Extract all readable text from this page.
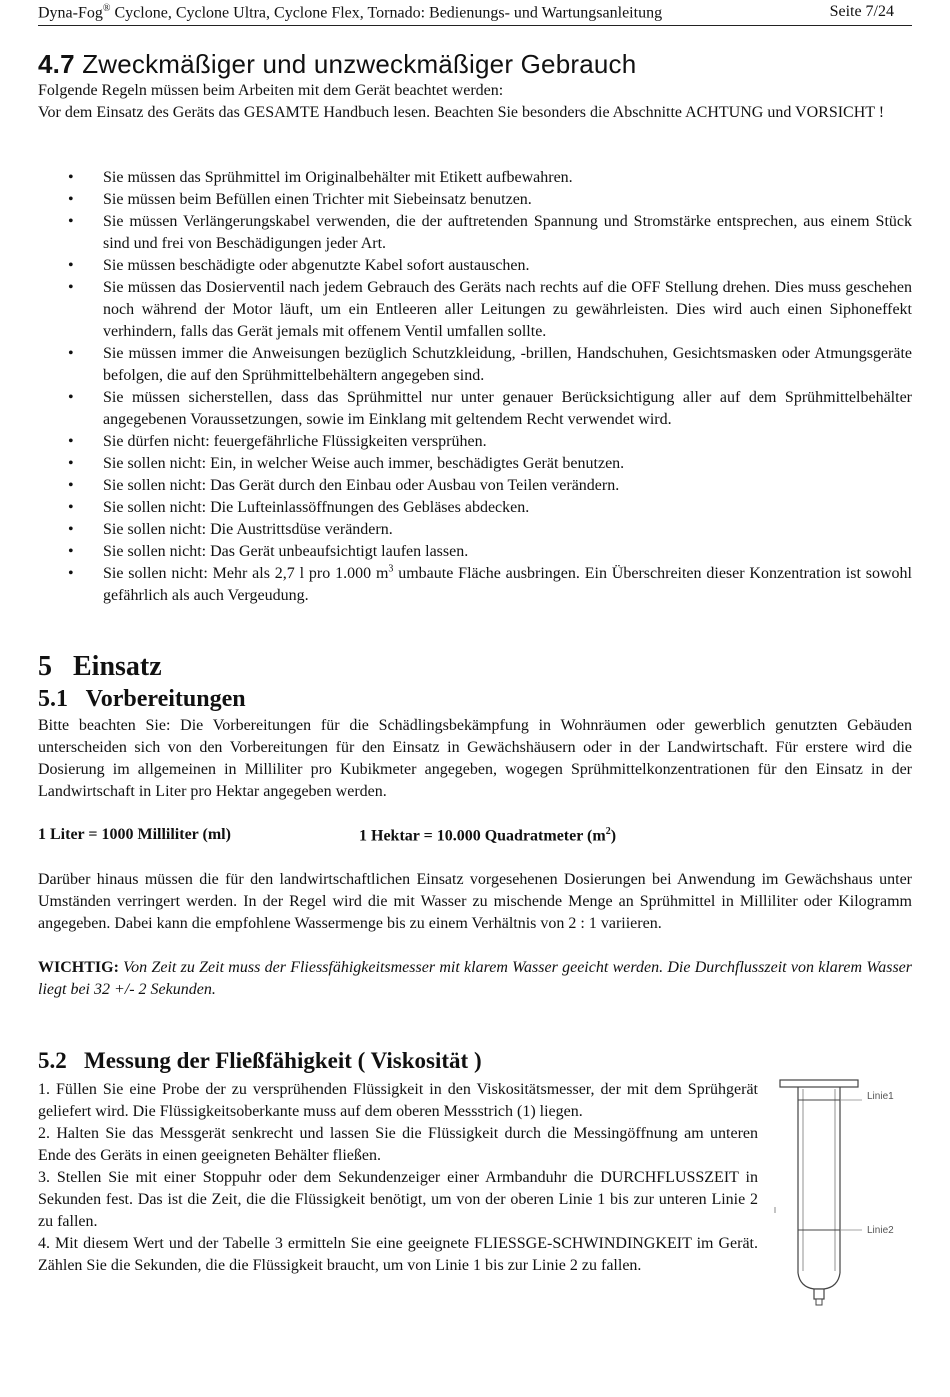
Dyna-Fog® Cyclone, Cyclone Ultra, Cyclone Flex, Tornado: Bedienungs- und Wartungsanleitung	Seite 7/24
4.7 Zweckmäßiger und unzweckmäßiger Gebrauch

Folgende Regeln müssen beim Arbeiten mit dem Gerät beachtet werden:

Vor dem Einsatz des Geräts das GESAMTE Handbuch lesen. Beachten Sie besonders die Abschnitte ACHTUNG und VORSICHT !

• Sie müssen das Sprühmittel im Originalbehälter mit Etikett aufbewahren.
• Sie müssen beim Befüllen einen Trichter mit Siebeinsatz benutzen.
• Sie müssen Verlängerungskabel verwenden, die der auftretenden Spannung und Stromstärke entsprechen, aus einem Stück sind und frei von Beschädigungen jeder Art.
• Sie müssen beschädigte oder abgenutzte Kabel sofort austauschen.
• Sie müssen das Dosierventil nach jedem Gebrauch des Geräts nach rechts auf die OFF Stellung drehen. Dies muss geschehen noch während der Motor läuft, um ein Entleeren aller Leitungen zu gewährleisten. Dies wird auch einen Siphoneffekt verhindern, falls das Gerät jemals mit offenem Ventil umfallen sollte.
• Sie müssen immer die Anweisungen bezüglich Schutzkleidung, -brillen, Handschuhen, Gesichtsmasken oder Atmungsgeräte befolgen, die auf den Sprühmittelbehältern angegeben sind.
• Sie müssen sicherstellen, dass das Sprühmittel nur unter genauer Berücksichtigung aller auf dem Sprühmittelbehälter angegebenen Voraussetzungen, sowie im Einklang mit geltendem Recht verwendet wird.
• Sie dürfen nicht: feuergefährliche Flüssigkeiten versprühen.
• Sie sollen nicht: Ein, in welcher Weise auch immer, beschädigtes Gerät benutzen.
• Sie sollen nicht: Das Gerät durch den Einbau oder Ausbau von Teilen verändern.
• Sie sollen nicht: Die Lufteinlassöffnungen des Gebläses abdecken.
• Sie sollen nicht: Die Austrittsdüse verändern.
• Sie sollen nicht: Das Gerät unbeaufsichtigt laufen lassen.
• Sie sollen nicht: Mehr als 2,7 l pro 1.000 $m^3$ umbaute Fläche ausbringen. Ein Überschreiten dieser Konzentration ist sowohl gefährlich als auch Vergeudung.
5   Einsatz
5.1   Vorbereitungen

Bitte beachten Sie: Die Vorbereitungen für die Schädlingsbekämpfung in Wohnräumen oder gewerblich genutzten Gebäuden unterscheiden sich von den Vorbereitungen für den Einsatz in Gewächshäusern oder in der Landwirtschaft. Für erstere wird die Dosierung im allgemeinen in Milliliter pro Kubikmeter angegeben, wogegen Sprühmittelkonzentrationen für den Einsatz in der Landwirtschaft in Liter pro Hektar angegeben werden.

1 Liter = 1000 Milliliter (ml)	1 Hektar = 10.000 Quadratmeter $(m^2)$

Darüber hinaus müssen die für den landwirtschaftlichen Einsatz vorgesehenen Dosierungen bei Anwendung im Gewächshaus unter Umständen verringert werden. In der Regel wird die mit Wasser zu mischende Menge an Sprühmittel in Milliliter oder Kilogramm angegeben. Dabei kann die empfohlene Wassermenge bis zu einem Verhältnis von 2 : 1 variieren.

WICHTIG: Von Zeit zu Zeit muss der Fliessfähigkeitsmesser mit klarem Wasser geeicht werden. Die Durchflusszeit von klarem Wasser liegt bei 32 +/- 2 Sekunden.

5.2   Messung der Fließfähigkeit ( Viskosität )

1. Füllen Sie eine Probe der zu versprühenden Flüssigkeit in den Viskositätsmesser, der mit dem Sprühgerät geliefert wird. Die Flüssigkeitsoberkante muss auf dem oberen Messstrich (1) liegen.

2. Halten Sie das Messgerät senkrecht und lassen Sie die Flüssigkeit durch die Messingöffnung am unteren Ende des Geräts in einen geeigneten Behälter fließen.

3. Stellen Sie mit einer Stoppuhr oder dem Sekundenzeiger einer Armbanduhr die DURCHFLUSSZEIT in Sekunden fest. Das ist die Zeit, die die Flüssigkeit benötigt, um von der oberen Linie 1 bis zur unteren Linie 2 zu fallen.

4. Mit diesem Wert und der Tabelle 3 ermitteln Sie eine geeignete FLIESSGE-SCHWINDINGKEIT im Gerät. Zählen Sie die Sekunden, die die Flüssigkeit braucht, um von Linie 1 bis zur Linie 2 zu fallen.

Linie1
Linie2
